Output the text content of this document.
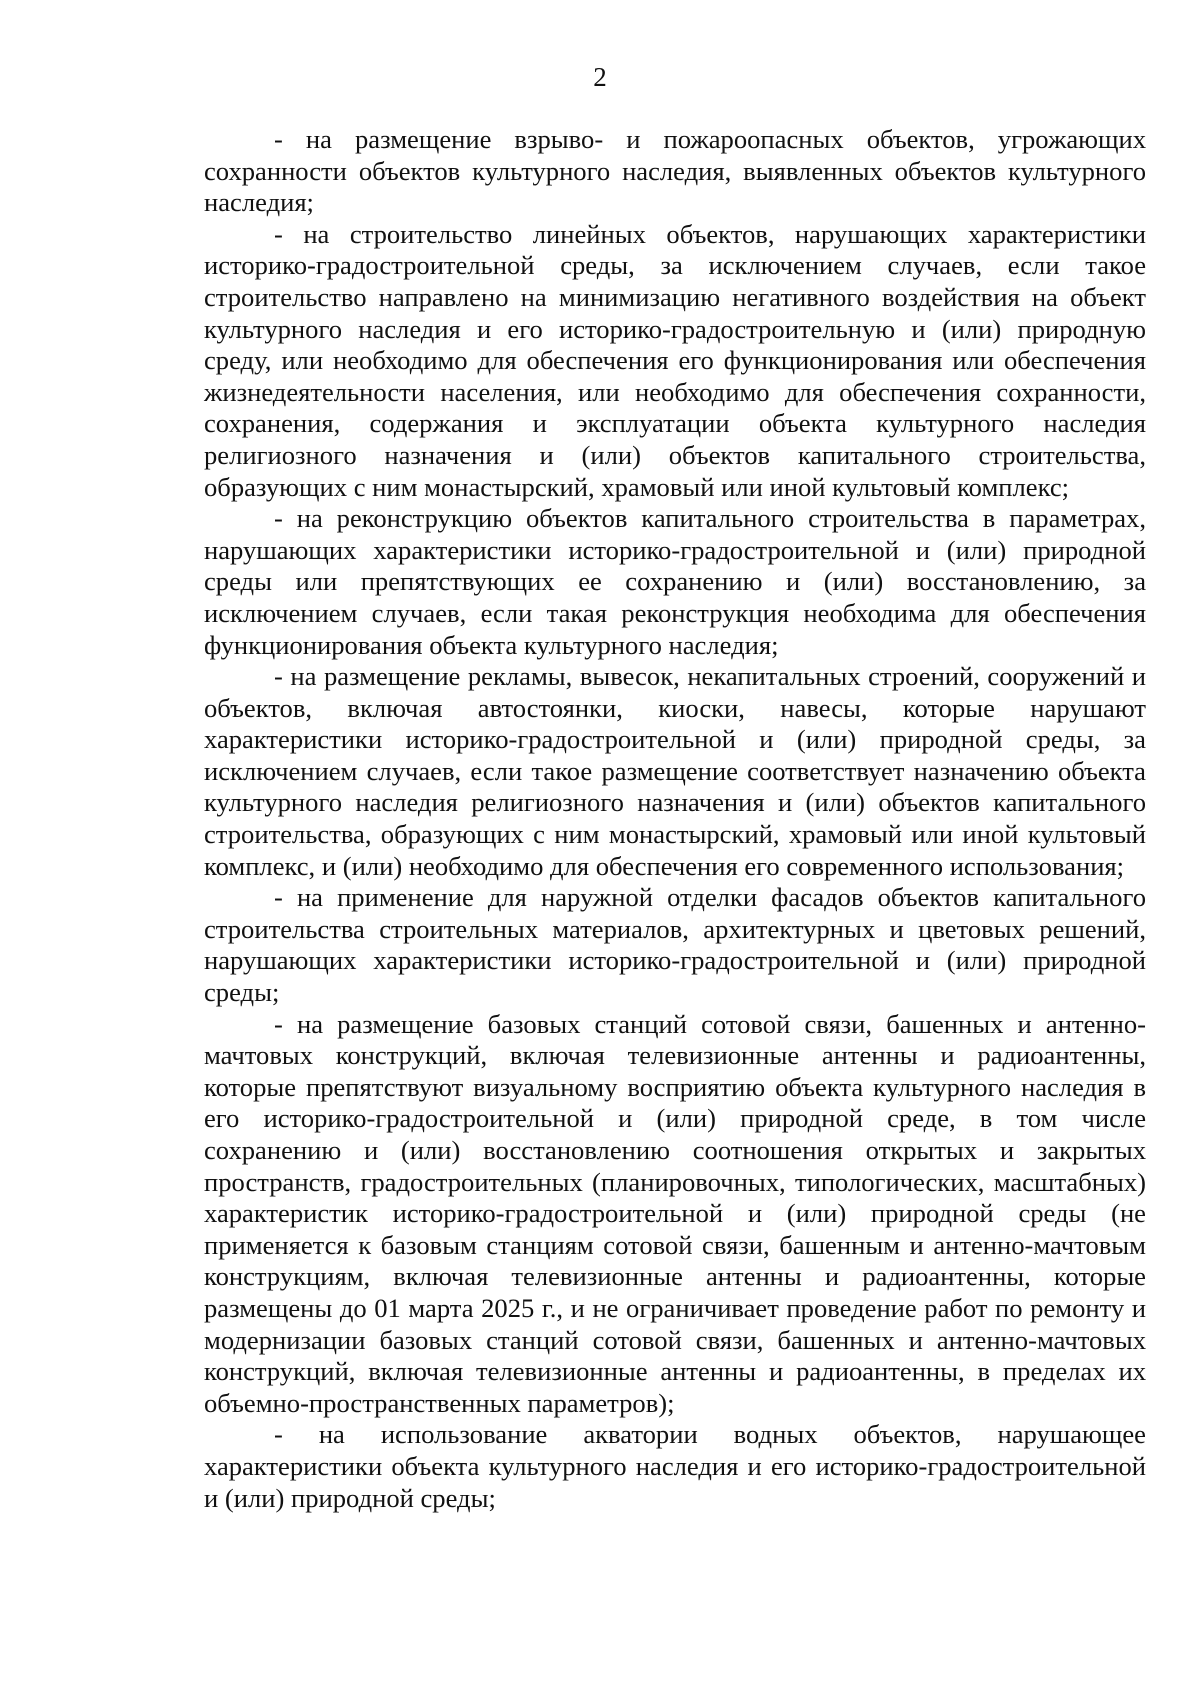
2

- на размещение взрыво- и пожароопасных объектов, угрожающих сохранности объектов культурного наследия, выявленных объектов культурного наследия;

- на строительство линейных объектов, нарушающих характеристики историко-градостроительной среды, за исключением случаев, если такое строительство направлено на минимизацию негативного воздействия на объект культурного наследия и его историко-градостроительную и (или) природную среду, или необходимо для обеспечения его функционирования или обеспечения жизнедеятельности населения, или необходимо для обеспечения сохранности, сохранения, содержания и эксплуатации объекта культурного наследия религиозного назначения и (или) объектов капитального строительства, образующих с ним монастырский, храмовый или иной культовый комплекс;

- на реконструкцию объектов капитального строительства в параметрах, нарушающих характеристики историко-градостроительной и (или) природной среды или препятствующих ее сохранению и (или) восстановлению, за исключением случаев, если такая реконструкция необходима для обеспечения функционирования объекта культурного наследия;

- на размещение рекламы, вывесок, некапитальных строений, сооружений и объектов, включая автостоянки, киоски, навесы, которые нарушают характеристики историко-градостроительной и (или) природной среды, за исключением случаев, если такое размещение соответствует назначению объекта культурного наследия религиозного назначения и (или) объектов капитального строительства, образующих с ним монастырский, храмовый или иной культовый комплекс, и (или) необходимо для обеспечения его современного использования;

- на применение для наружной отделки фасадов объектов капитального строительства строительных материалов, архитектурных и цветовых решений, нарушающих характеристики историко-градостроительной и (или) природной среды;

- на размещение базовых станций сотовой связи, башенных и антенно-мачтовых конструкций, включая телевизионные антенны и радиоантенны, которые препятствуют визуальному восприятию объекта культурного наследия в его историко-градостроительной и (или) природной среде, в том числе сохранению и (или) восстановлению соотношения открытых и закрытых пространств, градостроительных (планировочных, типологических, масштабных) характеристик историко-градостроительной и (или) природной среды (не применяется к базовым станциям сотовой связи, башенным и антенно-мачтовым конструкциям, включая телевизионные антенны и радиоантенны, которые размещены до 01 марта 2025 г., и не ограничивает проведение работ по ремонту и модернизации базовых станций сотовой связи, башенных и антенно-мачтовых конструкций, включая телевизионные антенны и радиоантенны, в пределах их объемно-пространственных параметров);

- на использование акватории водных объектов, нарушающее характеристики объекта культурного наследия и его историко-градостроительной и (или) природной среды;
